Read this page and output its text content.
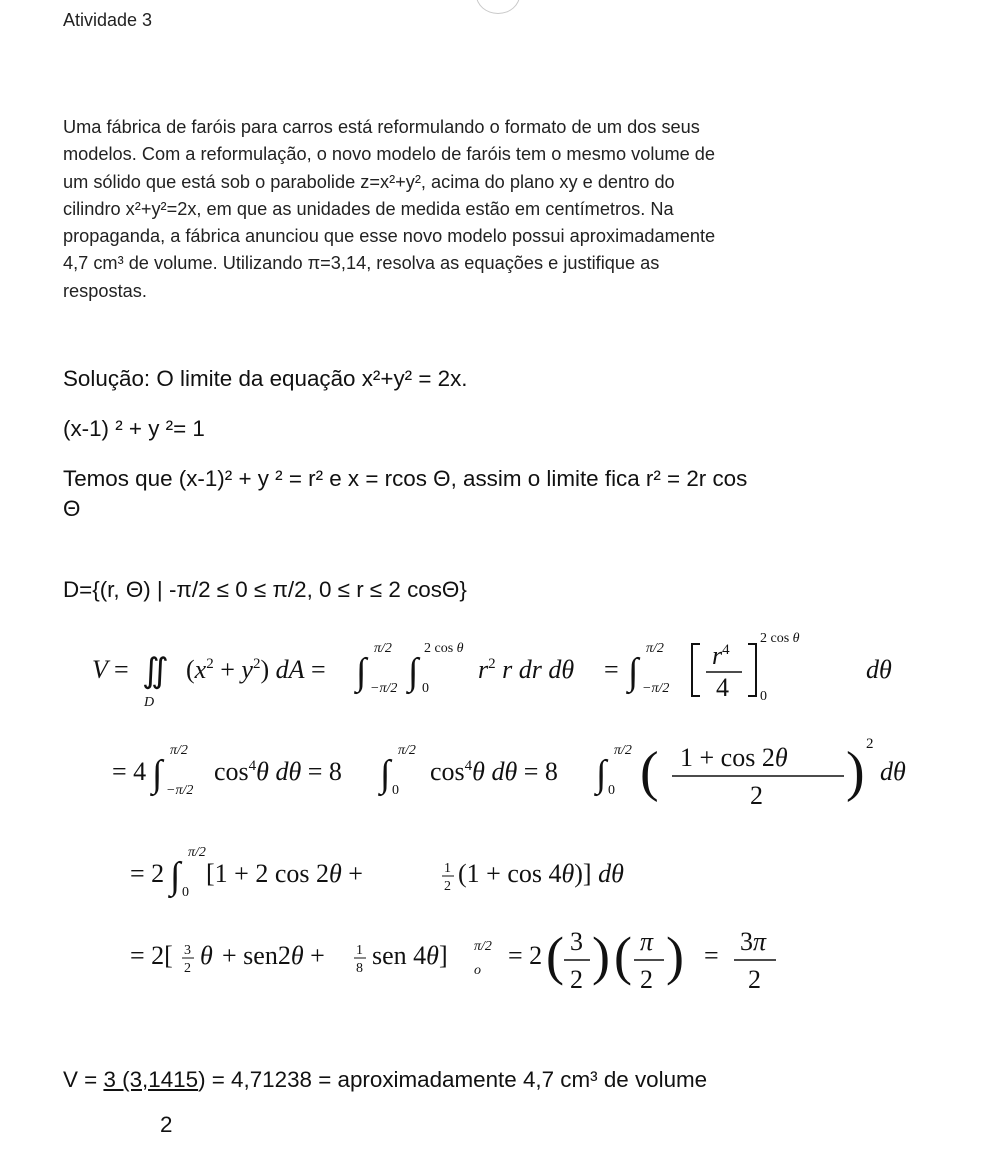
Atividade 3
Uma fábrica de faróis para carros está reformulando o formato de um dos seus
modelos. Com a reformulação, o novo modelo de faróis tem o mesmo volume de
um sólido que está sob o parabolide z=x²+y², acima do plano xy e dentro do
cilindro x²+y²=2x, em que as unidades de medida estão em centímetros. Na
propaganda, a fábrica anunciou que esse novo modelo possui aproximadamente
4,7 cm³ de volume. Utilizando π=3,14, resolva as equações e justifique as
respostas.
Solução: O limite da equação x²+y² = 2x.
(x-1) ² + y ²= 1
Temos que (x-1)² + y ² = r² e x = rcos Θ, assim o limite fica r² = 2r cos
Θ
D={(r, Θ) | -π/2 ≤ 0 ≤ π/2, 0 ≤ r ≤ 2 cosΘ}
V = ∬
D
$(x^2 + y^2)$ dA = ∫
π/2
−π/2 ∫
2 cos θ
0
$r^2$ r dr dθ = ∫
π/2
−π/2
$r^4$
4
2 cos θ
0
dθ
= 4 ∫
π/2
−π/2
$\cos^4\theta$ dθ = 8 ∫
π/2
0
$\cos^4\theta$ dθ = 8 ∫
π/2
0 ( 1 + cos 2θ
2 ) 2
dθ
= 2 ∫
π/2
0
[1 + 2 cos 2θ +	1
2 (1 + cos 4θ)] dθ
= 2[ 3
2 θ + sen2θ + 1
8 sen 4θ] π/2
o
= 2 ( 3
2 ) ( π
2 ) = 3π
2
V = 3 (3,1415) = 4,71238 = aproximadamente 4,7 cm³ de volume
2
